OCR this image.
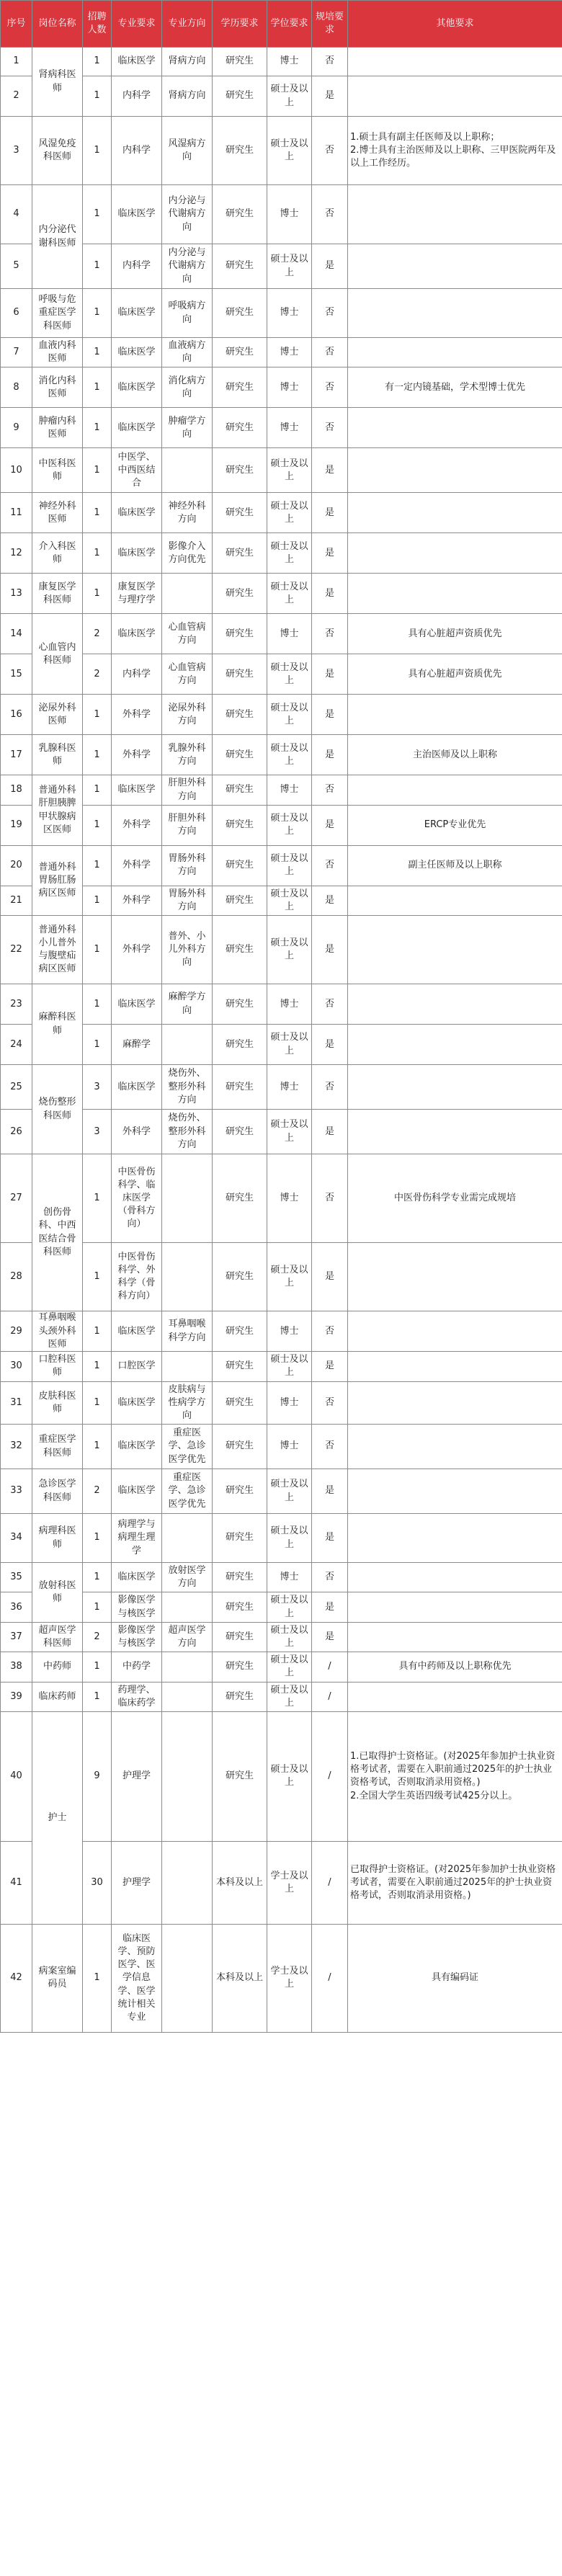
序号	岗位名称	招聘人数	专业要求	专业方向	学历要求	学位要求	规培要求	其他要求
1	肾病科医师	1	临床医学	肾病方向	研究生	博士	否	
2		1	内科学	肾病方向	研究生	硕士及以上	是	
3	风湿免疫科医师	1	内科学	风湿病方向	研究生	硕士及以上	否	1.硕士具有副主任医师及以上职称；
2.博士具有主治医师及以上职称、三甲医院两年及以上工作经历。
4	内分泌代谢科医师	1	临床医学	内分泌与代谢病方向	研究生	博士	否	
5		1	内科学	内分泌与代谢病方向	研究生	硕士及以上	是	
6	呼吸与危重症医学科医师	1	临床医学	呼吸病方向	研究生	博士	否	
7	血液内科医师	1	临床医学	血液病方向	研究生	博士	否	
8	消化内科医师	1	临床医学	消化病方向	研究生	博士	否	有一定内镜基础，学术型博士优先
9	肿瘤内科医师	1	临床医学	肿瘤学方向	研究生	博士	否	
10	中医科医师	1	中医学、中西医结合		研究生	硕士及以上	是	
11	神经外科医师	1	临床医学	神经外科方向	研究生	硕士及以上	是	
12	介入科医师	1	临床医学	影像介入方向优先	研究生	硕士及以上	是	
13	康复医学科医师	1	康复医学与理疗学		研究生	硕士及以上	是	
14	心血管内科医师	2	临床医学	心血管病方向	研究生	博士	否	具有心脏超声资质优先
15		2	内科学	心血管病方向	研究生	硕士及以上	是	具有心脏超声资质优先
16	泌尿外科医师	1	外科学	泌尿外科方向	研究生	硕士及以上	是	
17	乳腺科医师	1	外科学	乳腺外科方向	研究生	硕士及以上	是	主治医师及以上职称
18	普通外科肝胆胰脾甲状腺病区医师	1	临床医学	肝胆外科方向	研究生	博士	否	
19		1	外科学	肝胆外科方向	研究生	硕士及以上	是	ERCP专业优先
20	普通外科胃肠肛肠病区医师	1	外科学	胃肠外科方向	研究生	硕士及以上	否	副主任医师及以上职称
21		1	外科学	胃肠外科方向	研究生	硕士及以上	是	
22	普通外科小儿普外与腹壁疝病区医师	1	外科学	普外、小儿外科方向	研究生	硕士及以上	是	
23	麻醉科医师	1	临床医学	麻醉学方向	研究生	博士	否	
24		1	麻醉学		研究生	硕士及以上	是	
25	烧伤整形科医师	3	临床医学	烧伤外、整形外科方向	研究生	博士	否	
26		3	外科学	烧伤外、整形外科方向	研究生	硕士及以上	是	
27	创伤骨科、中西医结合骨科医师	1	中医骨伤科学、临床医学（骨科方向）		研究生	博士	否	中医骨伤科学专业需完成规培
28		1	中医骨伤科学、外科学（骨科方向）		研究生	硕士及以上	是	
29	耳鼻咽喉头颈外科医师	1	临床医学	耳鼻咽喉科学方向	研究生	博士	否	
30	口腔科医师	1	口腔医学		研究生	硕士及以上	是	
31	皮肤科医师	1	临床医学	皮肤病与性病学方向	研究生	博士	否	
32	重症医学科医师	1	临床医学	重症医学、急诊医学优先	研究生	博士	否	
33	急诊医学科医师	2	临床医学	重症医学、急诊医学优先	研究生	硕士及以上	是	
34	病理科医师	1	病理学与病理生理学		研究生	硕士及以上	是	
35	放射科医师	1	临床医学	放射医学方向	研究生	博士	否	
36		1	影像医学与核医学		研究生	硕士及以上	是	
37	超声医学科医师	2	影像医学与核医学	超声医学方向	研究生	硕士及以上	是	
38	中药师	1	中药学		研究生	硕士及以上	/	具有中药师及以上职称优先
39	临床药师	1	药理学、临床药学		研究生	硕士及以上	/	
40	护士	9	护理学		研究生	硕士及以上	/	1.已取得护士资格证。(对2025年参加护士执业资格考试者，需要在入职前通过2025年的护士执业资格考试，否则取消录用资格。)
2.全国大学生英语四级考试425分以上。
41		30	护理学		本科及以上	学士及以上	/	已取得护士资格证。(对2025年参加护士执业资格考试者，需要在入职前通过2025年的护士执业资格考试，否则取消录用资格。)
42	病案室编码员	1	临床医学、预防医学、医学信息学、医学统计相关专业		本科及以上	学士及以上	/	具有编码证
